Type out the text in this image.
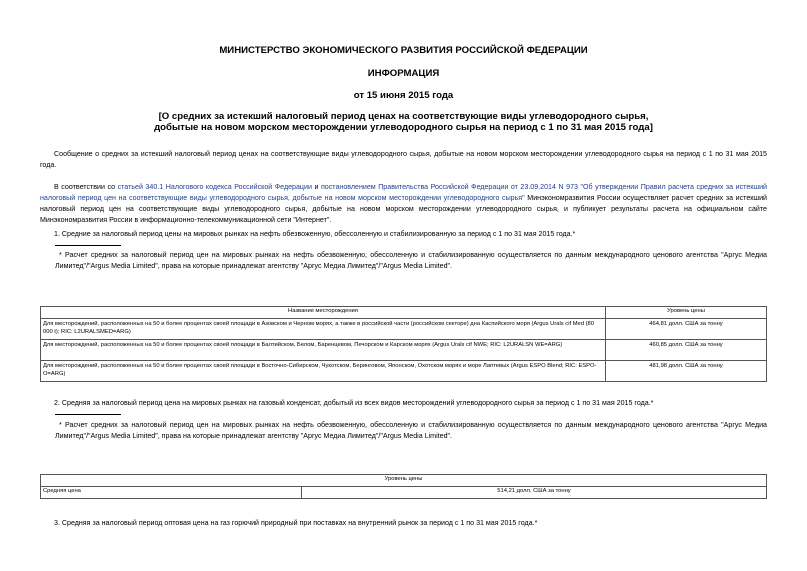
МИНИСТЕРСТВО ЭКОНОМИЧЕСКОГО РАЗВИТИЯ РОССИЙСКОЙ ФЕДЕРАЦИИ
ИНФОРМАЦИЯ
от 15 июня 2015 года
[О средних за истекший налоговый период ценах на соответствующие виды углеводородного сырья,
добытые на новом морском месторождении углеводородного сырья на период с 1 по 31 мая 2015 года]
Сообщение о средних за истекший налоговый период ценах на соответствующие виды углеводородного сырья, добытые на новом морском месторождении углеводородного сырья на период с 1 по 31 мая 2015 года.
В соответствии со статьей 340.1 Налогового кодекса Российской Федерации и постановлением Правительства Российской Федерации от 23.09.2014 N 973 "Об утверждении Правил расчета средних за истекший налоговый период цен на соответствующие виды углеводородного сырья, добытые на новом морском месторождении углеводородного сырья" Минэкономразвития России осуществляет расчет средних за истекший налоговый период цен на соответствующие виды углеводородного сырья, добытые на новом морском месторождении углеводородного сырья, и публикует результаты расчета на официальном сайте Минэкономразвития России в информационно-телекоммуникационной сети "Интернет".
1. Средние за налоговый период цены на мировых рынках на нефть обезвоженную, обессоленную и стабилизированную за период с 1 по 31 мая 2015 года.*
* Расчет средних за налоговый период цен на мировых рынках на нефть обезвоженную, обессоленную и стабилизированную осуществляется по данным международного ценового агентства "Аргус Медиа Лимитед"/"Argus Media Limited", права на которые принадлежат агентству "Аргус Медиа Лимитед"/"Argus Media Limited".
Название месторождения	Уровень цены
Для месторождений, расположенных на 50 и более процентах своей площади в Азовском и Черном морях, а также в российской части (российском секторе) дна Каспийского моря (Argus Urals cif Med (80 000 t); RIC: L2URALSMED=ARG)	464,81 долл. США за тонну
Для месторождений, расположенных на 50 и более процентах своей площади в Балтийском, Белом, Баренцевом, Печорском и Карском морях (Argus Urals cif NWE; RIC: L2URALSN WE=ARG)	460,85 долл. США за тонну
Для месторождений, расположенных на 50 и более процентах своей площади в Восточно-Сибирском, Чукотском, Беринговом, Японском, Охотском морях и море Лаптевых (Argus ESPO Blend; RIC: ESPO-O=ARG)	481,98 долл. США за тонну
2. Средняя за налоговый период цена на мировых рынках на газовый конденсат, добытый из всех видов месторождений углеводородного сырья за период с 1 по 31 мая 2015 года.*
* Расчет средних за налоговый период цен на мировых рынках на нефть обезвоженную, обессоленную и стабилизированную осуществляется по данным международного ценового агентства "Аргус Медиа Лимитед"/"Argus Media Limited", права на которые принадлежат агентству "Аргус Медиа Лимитед"/"Argus Media Limited".
Уровень цены
Средняя цена	514,21 долл. США за тонну
3. Средняя за налоговый период оптовая цена на газ горючий природный при поставках на внутренний рынок за период с 1 по 31 мая 2015 года.*
